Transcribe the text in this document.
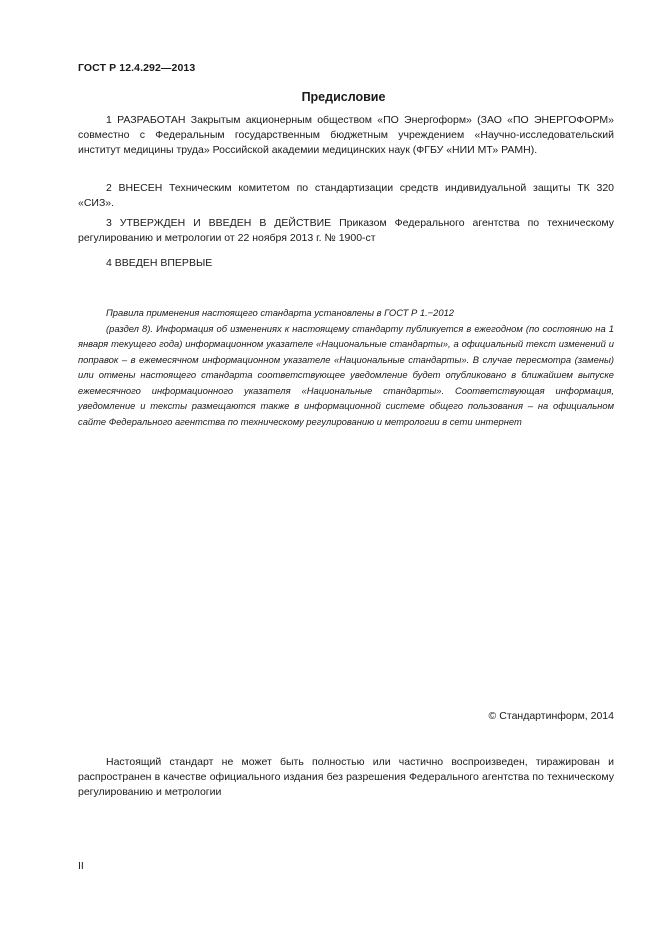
ГОСТ Р 12.4.292—2013
Предисловие
1 РАЗРАБОТАН Закрытым акционерным обществом «ПО Энергоформ» (ЗАО «ПО ЭНЕРГОФОРМ» совместно с Федеральным государственным бюджетным учреждением «Научно-исследовательский институт медицины труда» Российской академии медицинских наук (ФГБУ «НИИ МТ» РАМН).
2 ВНЕСЕН Техническим комитетом по стандартизации средств индивидуальной защиты ТК 320 «СИЗ».
3 УТВЕРЖДЕН И ВВЕДЕН В ДЕЙСТВИЕ Приказом Федерального агентства по техническому регулированию и метрологии от 22 ноября 2013 г. № 1900-ст
4 ВВЕДЕН ВПЕРВЫЕ
Правила применения настоящего стандарта установлены в ГОСТ Р 1.−2012
(раздел 8). Информация об изменениях к настоящему стандарту публикуется в ежегодном (по состоянию на 1 января текущего года) информационном указателе «Национальные стандарты», а официальный текст изменений и поправок – в ежемесячном информационном указателе «Национальные стандарты». В случае пересмотра (замены) или отмены настоящего стандарта соответствующее уведомление будет опубликовано в ближайшем выпуске ежемесячного информационного указателя «Национальные стандарты». Соответствующая информация, уведомление и тексты размещаются также в информационной системе общего пользования – на официальном сайте Федерального агентства по техническому регулированию и метрологии в сети интернет
© Стандартинформ, 2014
Настоящий стандарт не может быть полностью или частично воспроизведен, тиражирован и распространен в качестве официального издания без разрешения Федерального агентства по техническому регулированию и метрологии
II
